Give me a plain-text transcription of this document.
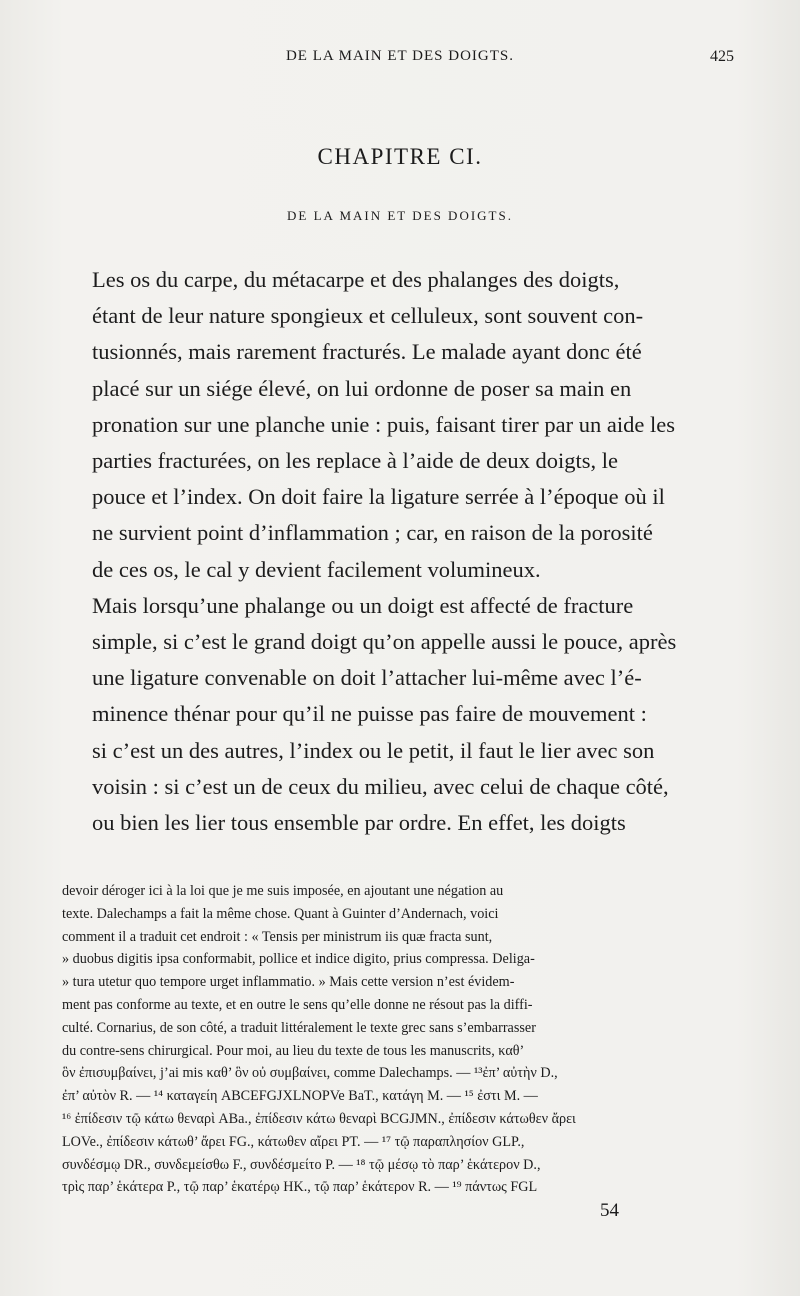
DE LA MAIN ET DES DOIGTS.	425
CHAPITRE CI.
DE LA MAIN ET DES DOIGTS.

Les os du carpe, du métacarpe et des phalanges des doigts,

étant de leur nature spongieux et celluleux, sont souvent con-

tusionnés, mais rarement fracturés. Le malade ayant donc été

placé sur un siége élevé, on lui ordonne de poser sa main en

pronation sur une planche unie : puis, faisant tirer par un aide les

parties fracturées, on les replace à l’aide de deux doigts, le

pouce et l’index. On doit faire la ligature serrée à l’époque où il

ne survient point d’inflammation ; car, en raison de la porosité

de ces os, le cal y devient facilement volumineux.

Mais lorsqu’une phalange ou un doigt est affecté de fracture

simple, si c’est le grand doigt qu’on appelle aussi le pouce, après

une ligature convenable on doit l’attacher lui-même avec l’é-

minence thénar pour qu’il ne puisse pas faire de mouvement :

si c’est un des autres, l’index ou le petit, il faut le lier avec son

voisin : si c’est un de ceux du milieu, avec celui de chaque côté,

ou bien les lier tous ensemble par ordre. En effet, les doigts

devoir déroger ici à la loi que je me suis imposée, en ajoutant une négation au

texte. Dalechamps a fait la même chose. Quant à Guinter d’Andernach, voici

comment il a traduit cet endroit : « Tensis per ministrum iis quæ fracta sunt,

» duobus digitis ipsa conformabit, pollice et indice digito, prius compressa. Deliga-

» tura utetur quo tempore urget inflammatio. » Mais cette version n’est évidem-

ment pas conforme au texte, et en outre le sens qu’elle donne ne résout pas la diffi-

culté. Cornarius, de son côté, a traduit littéralement le texte grec sans s’embarrasser

du contre-sens chirurgical. Pour moi, au lieu du texte de tous les manuscrits, καθ’

ὃν ἐπισυμβαίνει, j’ai mis καθ’ ὃν οὐ συμβαίνει, comme Dalechamps. — ¹³ἐπ’ αὐτὴν D.,

ἐπ’ αὐτὸν R. — ¹⁴ καταγείη ABCEFGJXLNOPVe BaT., κατάγη M. — ¹⁵ ἐστι M. —

¹⁶ ἐπίδεσιν τῷ κάτω θεναρὶ ABa., ἐπίδεσιν κάτω θεναρὶ BCGJMN., ἐπίδεσιν κάτωθεν ἄρει

LOVe., ἐπίδεσιν κάτωθ’ ἄρει FG., κάτωθεν αἴρει PT. — ¹⁷ τῷ παραπλησίον GLP.,

συνδέσμῳ DR., συνδεμείσθω F., συνδέσμείτο P. — ¹⁸ τῷ μέσῳ τὸ παρ’ ἑκάτερον D.,

τρὶς παρ’ ἑκάτερα P., τῷ παρ’ ἑκατέρῳ HK., τῷ παρ’ ἑκάτερον R. — ¹⁹ πάντως FGL

54
